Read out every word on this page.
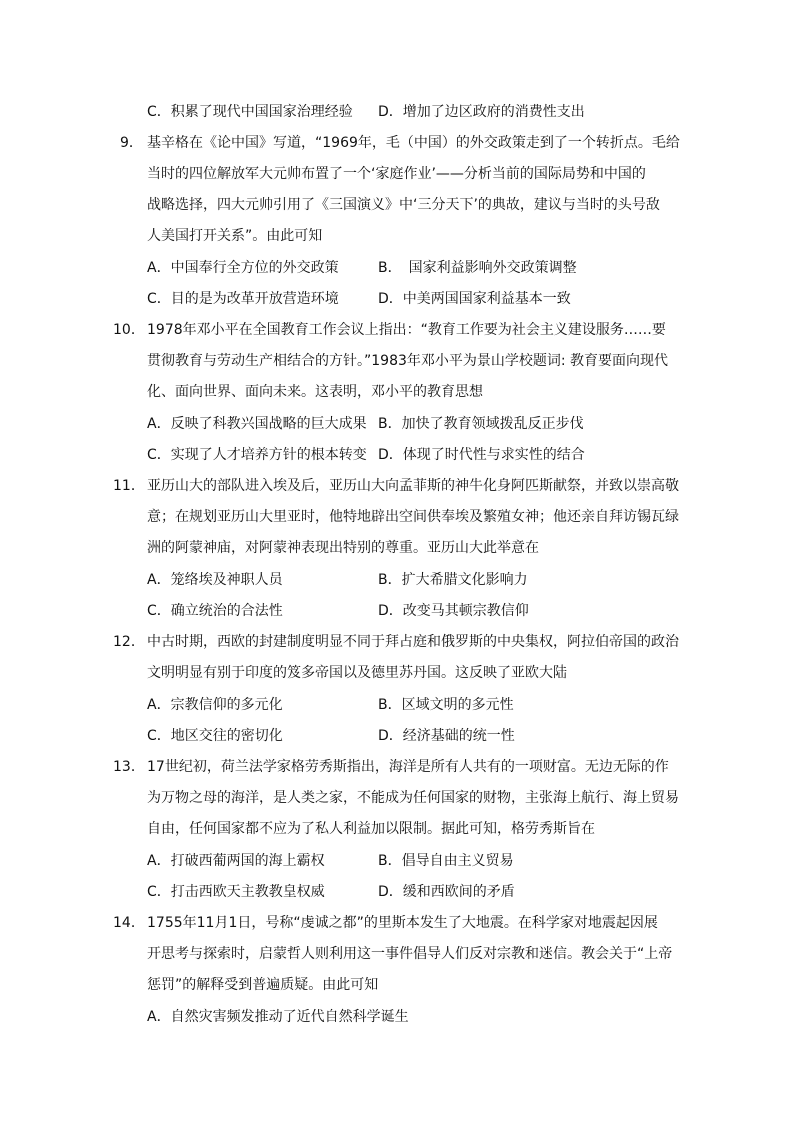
C．积累了现代中国国家治理经验 D．增加了边区政府的消费性支出
9． 基辛格在《论中国》写道，“1969年，毛（中国）的外交政策走到了一个转折点。毛给
当时的四位解放军大元帅布置了一个‘家庭作业’——分析当前的国际局势和中国的
战略选择，四大元帅引用了《三国演义》中‘三分天下’的典故，建议与当时的头号敌
人美国打开关系”。由此可知
A．中国奉行全方位的外交政策	B．　国家利益影响外交政策调整
C．目的是为改革开放营造环境	D．中美两国国家利益基本一致
10． 1978年邓小平在全国教育工作会议上指出：“教育工作要为社会主义建设服务……要
贯彻教育与劳动生产相结合的方针。”1983年邓小平为景山学校题词: 教育要面向现代
化、面向世界、面向未来。这表明，邓小平的教育思想
A．反映了科教兴国战略的巨大成果 B．加快了教育领域拨乱反正步伐
C．实现了人才培养方针的根本转变 D．体现了时代性与求实性的结合
11． 亚历山大的部队进入埃及后，亚历山大向孟菲斯的神牛化身阿匹斯献祭，并致以崇高敬
意；在规划亚历山大里亚时，他特地辟出空间供奉埃及繁殖女神；他还亲自拜访锡瓦绿
洲的阿蒙神庙，对阿蒙神表现出特别的尊重。亚历山大此举意在
A．笼络埃及神职人员	B．扩大希腊文化影响力
C．确立统治的合法性	D．改变马其顿宗教信仰
12． 中古时期，西欧的封建制度明显不同于拜占庭和俄罗斯的中央集权，阿拉伯帝国的政治
文明明显有别于印度的笈多帝国以及德里苏丹国。这反映了亚欧大陆
A．宗教信仰的多元化	B．区域文明的多元性
C．地区交往的密切化	D．经济基础的统一性
13． 17世纪初，荷兰法学家格劳秀斯指出，海洋是所有人共有的一项财富。无边无际的作
为万物之母的海洋，是人类之家，不能成为任何国家的财物，主张海上航行、海上贸易
自由，任何国家都不应为了私人利益加以限制。据此可知，格劳秀斯旨在
A．打破西葡两国的海上霸权	B．倡导自由主义贸易
C．打击西欧天主教教皇权威	D．缓和西欧间的矛盾
14． 1755年11月1日，号称“虔诚之都”的里斯本发生了大地震。在科学家对地震起因展
开思考与探索时，启蒙哲人则利用这一事件倡导人们反对宗教和迷信。教会关于“上帝
惩罚”的解释受到普遍质疑。由此可知
A．自然灾害频发推动了近代自然科学诞生
